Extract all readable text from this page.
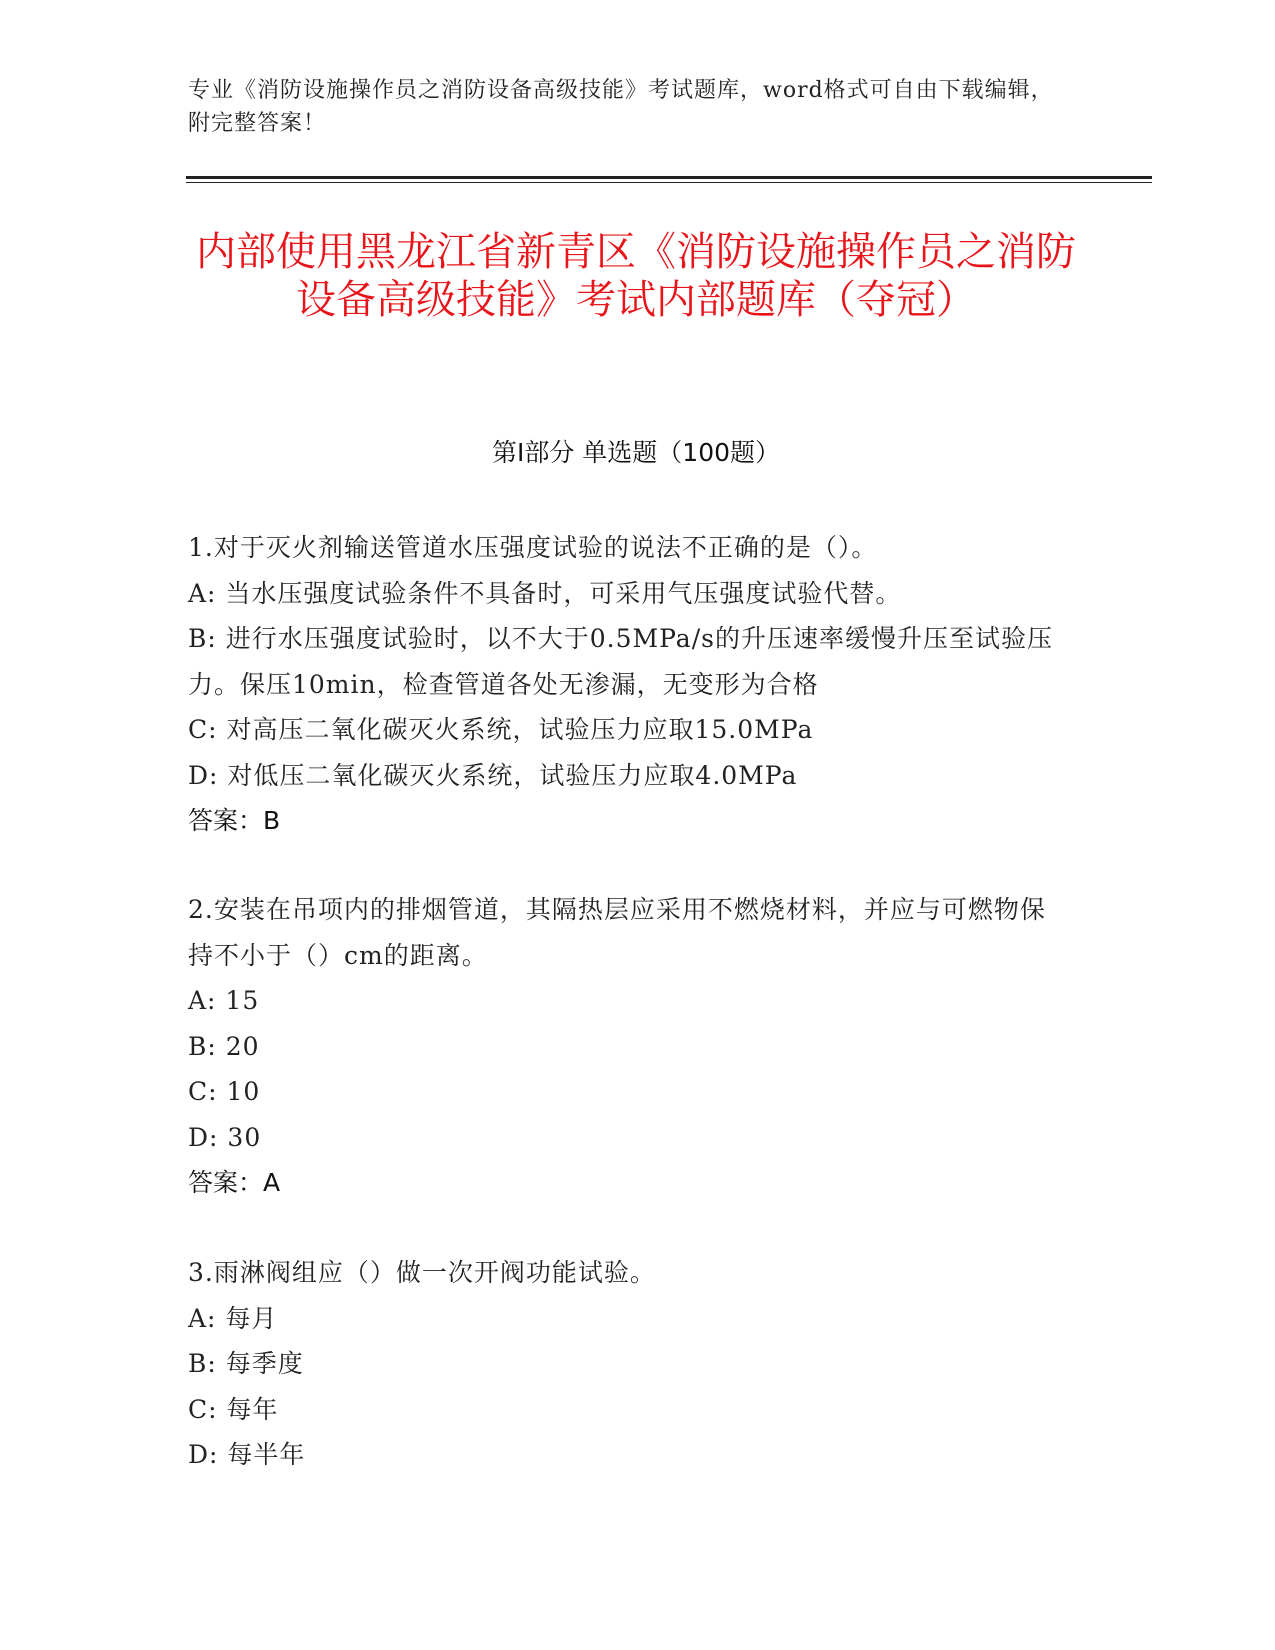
专业《消防设施操作员之消防设备高级技能》考试题库，word格式可自由下载编辑，附完整答案！
内部使用黑龙江省新青区《消防设施操作员之消防设备高级技能》考试内部题库（夺冠）
第I部分 单选题（100题）

1.对于灭火剂输送管道水压强度试验的说法不正确的是（）。

A: 当水压强度试验条件不具备时，可采用气压强度试验代替。

B: 进行水压强度试验时，以不大于0.5MPa/s的升压速率缓慢升压至试验压力。保压10min，检查管道各处无渗漏，无变形为合格

C: 对高压二氧化碳灭火系统，试验压力应取15.0MPa

D: 对低压二氧化碳灭火系统，试验压力应取4.0MPa

答案：B

2.安装在吊项内的排烟管道，其隔热层应采用不燃烧材料，并应与可燃物保持不小于（）cm的距离。

A: 15

B: 20

C: 10

D: 30

答案：A

3.雨淋阀组应（）做一次开阀功能试验。

A: 每月

B: 每季度

C: 每年

D: 每半年
